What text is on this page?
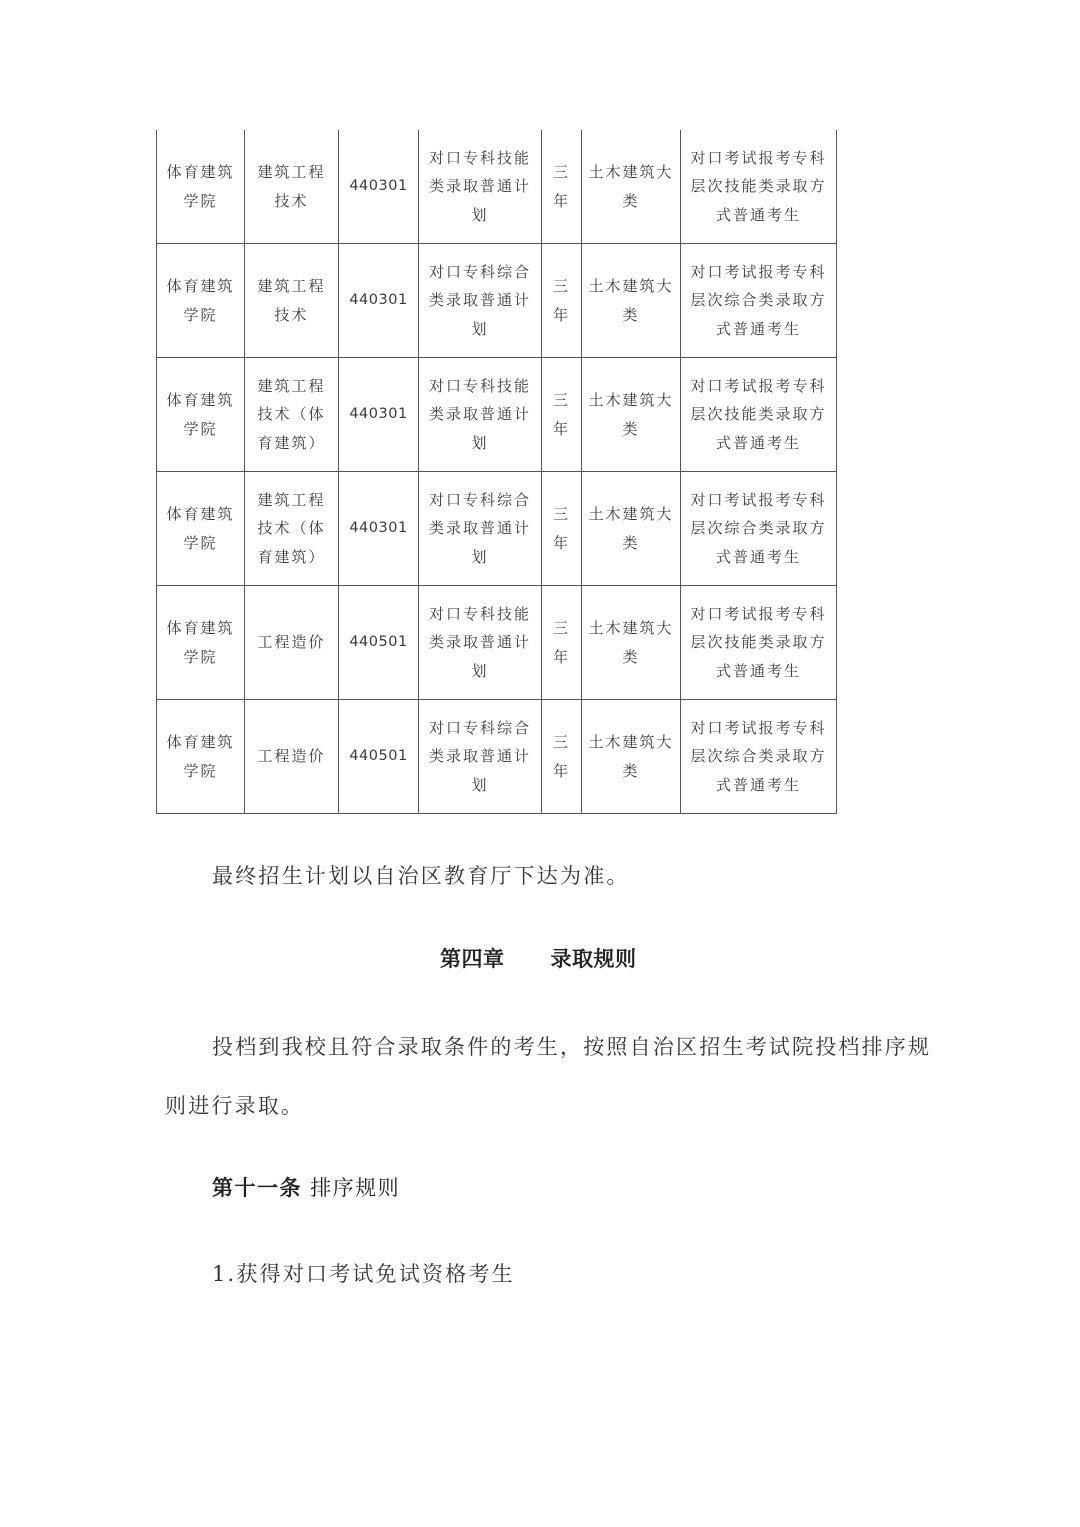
体育建筑学院	建筑工程技术	440301	对口专科技能类录取普通计划	三年	土木建筑大类	对口考试报考专科层次技能类录取方式普通考生
体育建筑学院	建筑工程技术	440301	对口专科综合类录取普通计划	三年	土木建筑大类	对口考试报考专科层次综合类录取方式普通考生
体育建筑学院	建筑工程技术（体育建筑）	440301	对口专科技能类录取普通计划	三年	土木建筑大类	对口考试报考专科层次技能类录取方式普通考生
体育建筑学院	建筑工程技术（体育建筑）	440301	对口专科综合类录取普通计划	三年	土木建筑大类	对口考试报考专科层次综合类录取方式普通考生
体育建筑学院	工程造价	440501	对口专科技能类录取普通计划	三年	土木建筑大类	对口考试报考专科层次技能类录取方式普通考生
体育建筑学院	工程造价	440501	对口专科综合类录取普通计划	三年	土木建筑大类	对口考试报考专科层次综合类录取方式普通考生

最终招生计划以自治区教育厅下达为准。

第四章 录取规则

投档到我校且符合录取条件的考生，按照自治区招生考试院投档排序规

则进行录取。

第十一条 排序规则

1.获得对口考试免试资格考生
